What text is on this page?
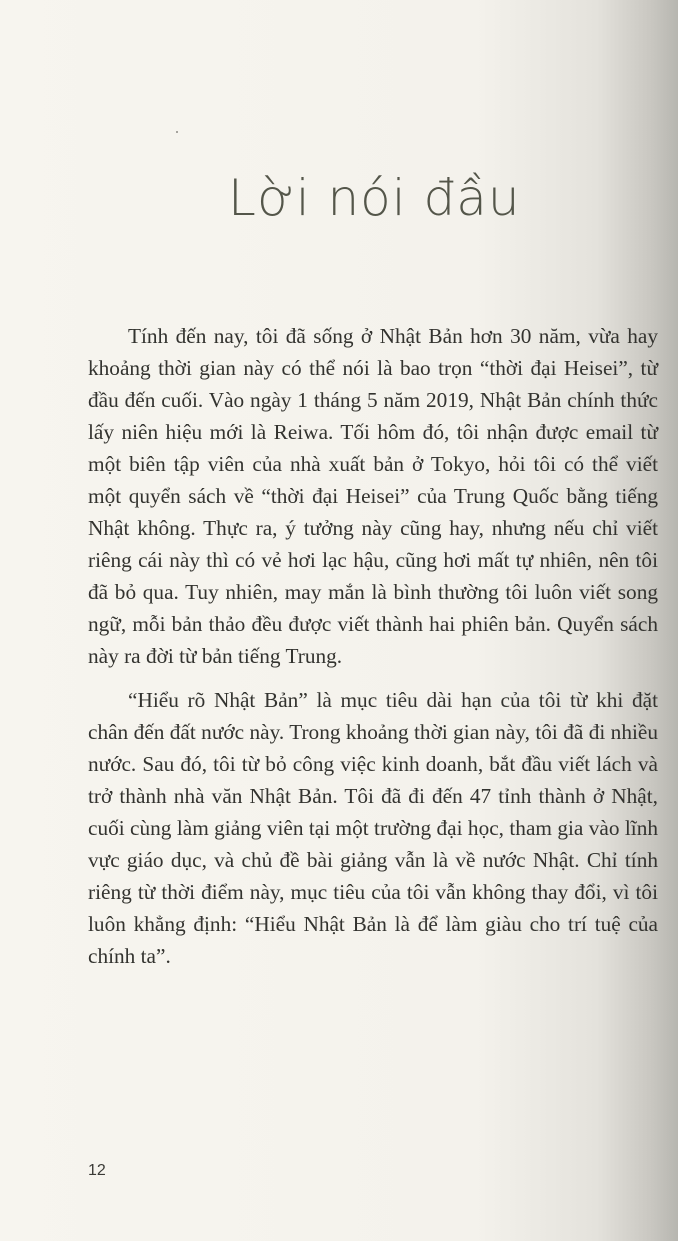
Lời nói đầu

Tính đến nay, tôi đã sống ở Nhật Bản hơn 30 năm, vừa hay khoảng thời gian này có thể nói là bao trọn “thời đại Heisei”, từ đầu đến cuối. Vào ngày 1 tháng 5 năm 2019, Nhật Bản chính thức lấy niên hiệu mới là Reiwa. Tối hôm đó, tôi nhận được email từ một biên tập viên của nhà xuất bản ở Tokyo, hỏi tôi có thể viết một quyển sách về “thời đại Heisei” của Trung Quốc bằng tiếng Nhật không. Thực ra, ý tưởng này cũng hay, nhưng nếu chỉ viết riêng cái này thì có vẻ hơi lạc hậu, cũng hơi mất tự nhiên, nên tôi đã bỏ qua. Tuy nhiên, may mắn là bình thường tôi luôn viết song ngữ, mỗi bản thảo đều được viết thành hai phiên bản. Quyển sách này ra đời từ bản tiếng Trung.

“Hiểu rõ Nhật Bản” là mục tiêu dài hạn của tôi từ khi đặt chân đến đất nước này. Trong khoảng thời gian này, tôi đã đi nhiều nước. Sau đó, tôi từ bỏ công việc kinh doanh, bắt đầu viết lách và trở thành nhà văn Nhật Bản. Tôi đã đi đến 47 tỉnh thành ở Nhật, cuối cùng làm giảng viên tại một trường đại học, tham gia vào lĩnh vực giáo dục, và chủ đề bài giảng vẫn là về nước Nhật. Chỉ tính riêng từ thời điểm này, mục tiêu của tôi vẫn không thay đổi, vì tôi luôn khẳng định: “Hiểu Nhật Bản là để làm giàu cho trí tuệ của chính ta”.

12
